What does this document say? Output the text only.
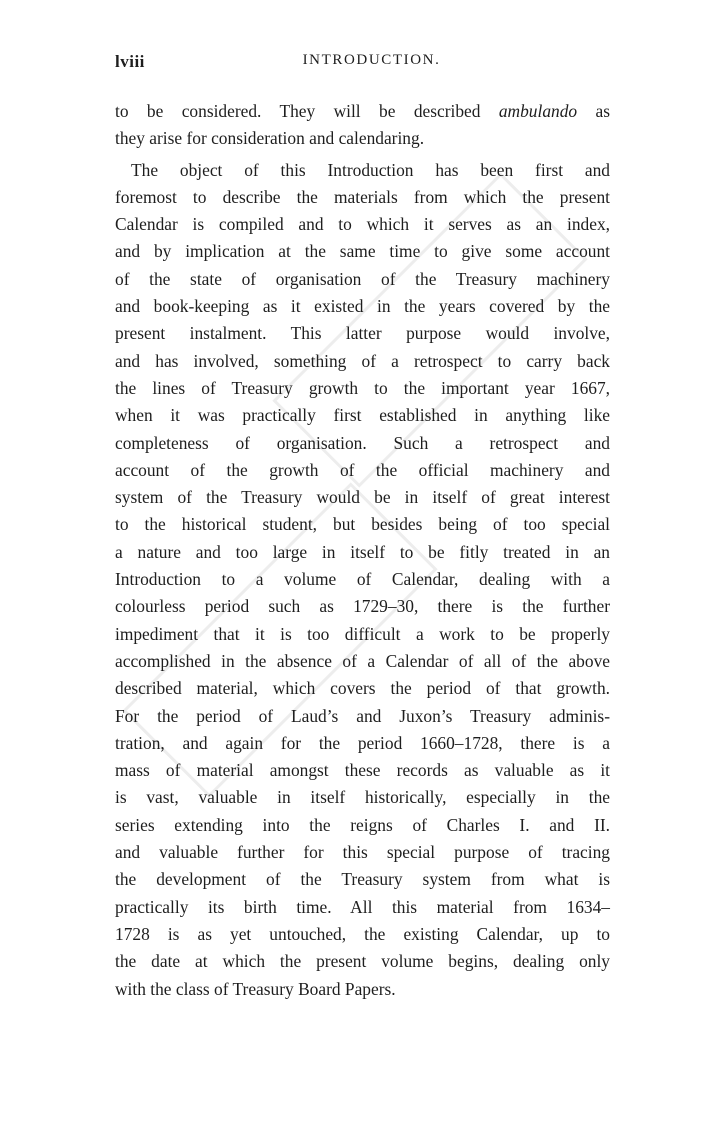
lviii	INTRODUCTION.
to be considered. They will be described ambulando as
they arise for consideration and calendaring.
The object of this Introduction has been first and
foremost to describe the materials from which the present
Calendar is compiled and to which it serves as an index,
and by implication at the same time to give some account
of the state of organisation of the Treasury machinery
and book-keeping as it existed in the years covered by the
present instalment. This latter purpose would involve,
and has involved, something of a retrospect to carry back
the lines of Treasury growth to the important year 1667,
when it was practically first established in anything like
completeness of organisation. Such a retrospect and
account of the growth of the official machinery and
system of the Treasury would be in itself of great interest
to the historical student, but besides being of too special
a nature and too large in itself to be fitly treated in an
Introduction to a volume of Calendar, dealing with a
colourless period such as 1729–30, there is the further
impediment that it is too difficult a work to be properly
accomplished in the absence of a Calendar of all of the above
described material, which covers the period of that growth.
For the period of Laud’s and Juxon’s Treasury adminis-
tration, and again for the period 1660–1728, there is a
mass of material amongst these records as valuable as it
is vast, valuable in itself historically, especially in the
series extending into the reigns of Charles I. and II.
and valuable further for this special purpose of tracing
the development of the Treasury system from what is
practically its birth time. All this material from 1634–
1728 is as yet untouched, the existing Calendar, up to
the date at which the present volume begins, dealing only
with the class of Treasury Board Papers.
